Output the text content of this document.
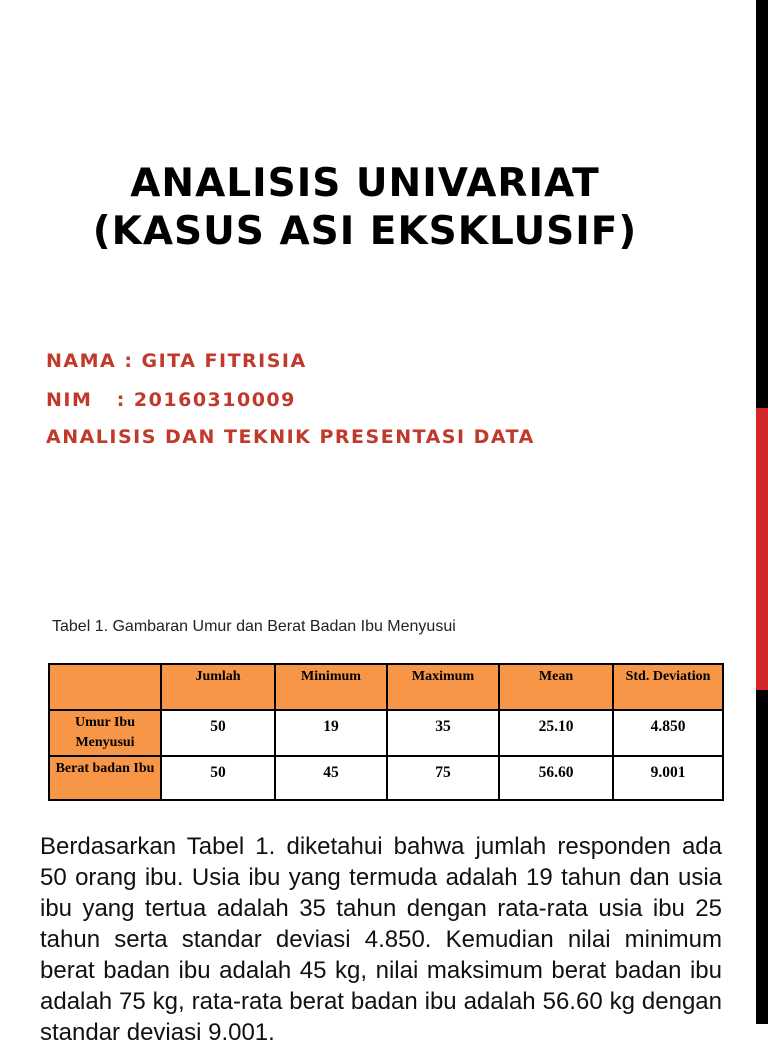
ANALISIS UNIVARIAT
(KASUS ASI EKSKLUSIF)

NAMA : GITA FITRISIA

NIM   : 20160310009

ANALISIS DAN TEKNIK PRESENTASI DATA

Tabel 1. Gambaran Umur dan Berat Badan Ibu Menyusui

	Jumlah	Minimum	Maximum	Mean	Std. Deviation
Umur Ibu Menyusui	50	19	35	25.10	4.850
Berat badan Ibu	50	45	75	56.60	9.001

Berdasarkan Tabel 1. diketahui bahwa jumlah responden ada 50 orang ibu. Usia ibu yang termuda adalah 19 tahun dan usia ibu yang tertua adalah 35 tahun dengan rata-rata usia ibu 25 tahun serta standar deviasi 4.850. Kemudian nilai minimum berat badan ibu adalah 45 kg, nilai maksimum berat badan ibu adalah 75 kg, rata-rata berat badan ibu adalah 56.60 kg dengan standar deviasi 9.001.
